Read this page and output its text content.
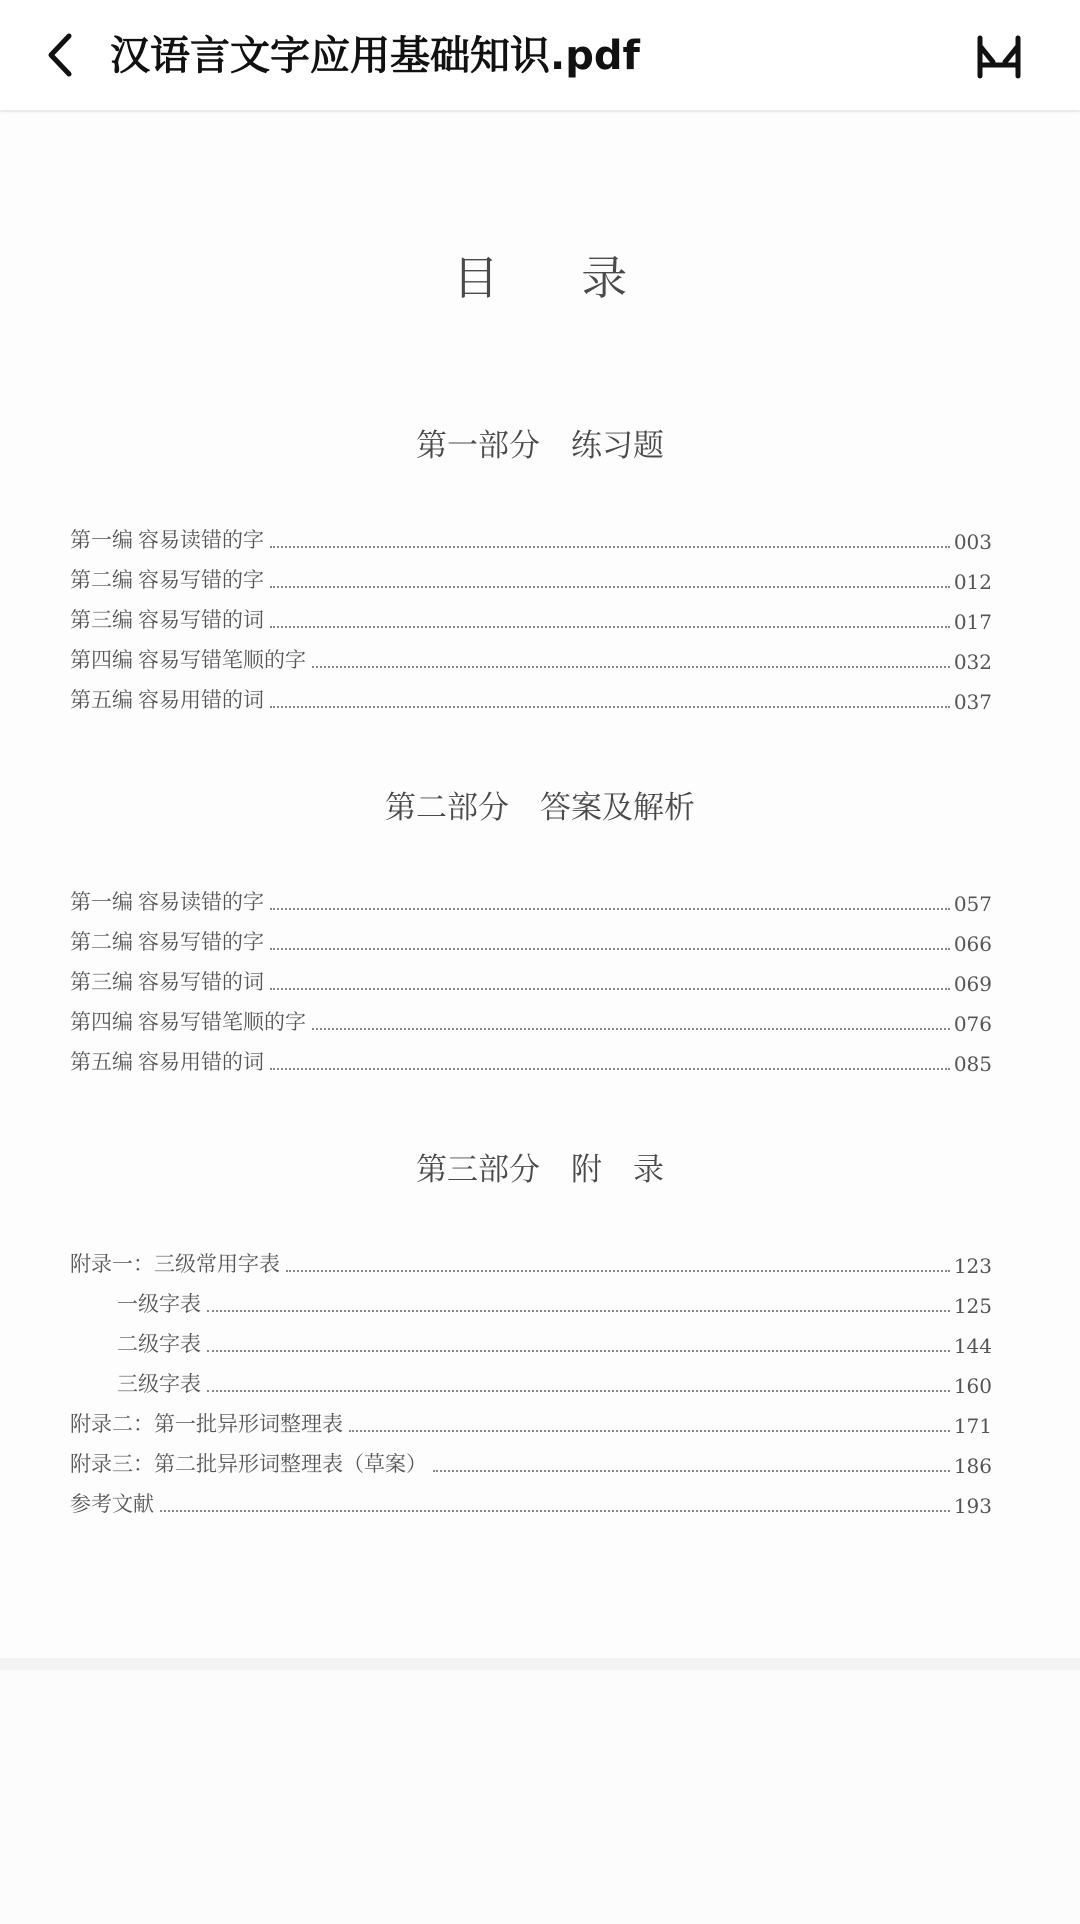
汉语言文字应用基础知识.pdf
目 录
第一部分　练习题
第一编 容易读错的字	003
第二编 容易写错的字	012
第三编 容易写错的词	017
第四编 容易写错笔顺的字	032
第五编 容易用错的词	037
第二部分　答案及解析
第一编 容易读错的字	057
第二编 容易写错的字	066
第三编 容易写错的词	069
第四编 容易写错笔顺的字	076
第五编 容易用错的词	085
第三部分　附　录
附录一：三级常用字表	123
一级字表	125
二级字表	144
三级字表	160
附录二：第一批异形词整理表	171
附录三：第二批异形词整理表（草案）	186
参考文献	193
